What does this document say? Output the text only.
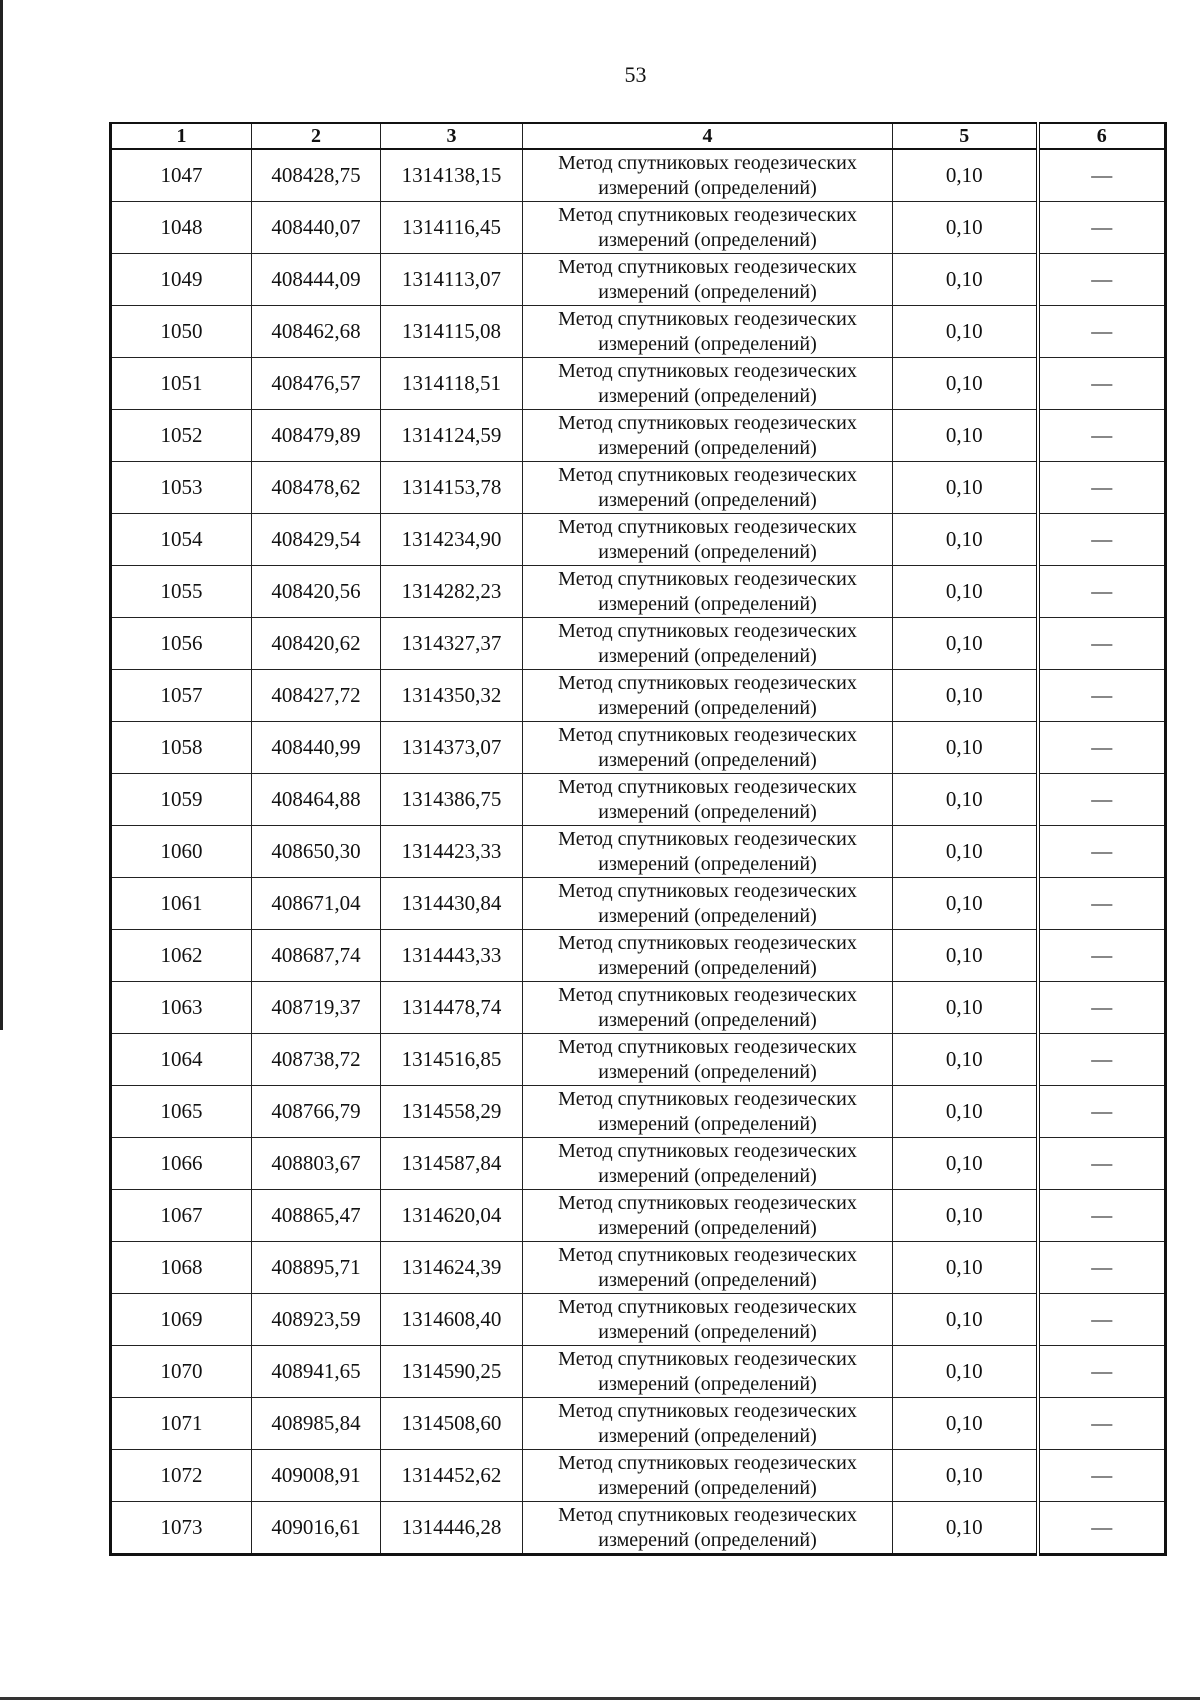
53
1	2	3	4	5	6
1047	408428,75	1314138,15	Метод спутниковых геодезических
измерений (определений)	0,10	—
1048	408440,07	1314116,45	Метод спутниковых геодезических
измерений (определений)	0,10	—
1049	408444,09	1314113,07	Метод спутниковых геодезических
измерений (определений)	0,10	—
1050	408462,68	1314115,08	Метод спутниковых геодезических
измерений (определений)	0,10	—
1051	408476,57	1314118,51	Метод спутниковых геодезических
измерений (определений)	0,10	—
1052	408479,89	1314124,59	Метод спутниковых геодезических
измерений (определений)	0,10	—
1053	408478,62	1314153,78	Метод спутниковых геодезических
измерений (определений)	0,10	—
1054	408429,54	1314234,90	Метод спутниковых геодезических
измерений (определений)	0,10	—
1055	408420,56	1314282,23	Метод спутниковых геодезических
измерений (определений)	0,10	—
1056	408420,62	1314327,37	Метод спутниковых геодезических
измерений (определений)	0,10	—
1057	408427,72	1314350,32	Метод спутниковых геодезических
измерений (определений)	0,10	—
1058	408440,99	1314373,07	Метод спутниковых геодезических
измерений (определений)	0,10	—
1059	408464,88	1314386,75	Метод спутниковых геодезических
измерений (определений)	0,10	—
1060	408650,30	1314423,33	Метод спутниковых геодезических
измерений (определений)	0,10	—
1061	408671,04	1314430,84	Метод спутниковых геодезических
измерений (определений)	0,10	—
1062	408687,74	1314443,33	Метод спутниковых геодезических
измерений (определений)	0,10	—
1063	408719,37	1314478,74	Метод спутниковых геодезических
измерений (определений)	0,10	—
1064	408738,72	1314516,85	Метод спутниковых геодезических
измерений (определений)	0,10	—
1065	408766,79	1314558,29	Метод спутниковых геодезических
измерений (определений)	0,10	—
1066	408803,67	1314587,84	Метод спутниковых геодезических
измерений (определений)	0,10	—
1067	408865,47	1314620,04	Метод спутниковых геодезических
измерений (определений)	0,10	—
1068	408895,71	1314624,39	Метод спутниковых геодезических
измерений (определений)	0,10	—
1069	408923,59	1314608,40	Метод спутниковых геодезических
измерений (определений)	0,10	—
1070	408941,65	1314590,25	Метод спутниковых геодезических
измерений (определений)	0,10	—
1071	408985,84	1314508,60	Метод спутниковых геодезических
измерений (определений)	0,10	—
1072	409008,91	1314452,62	Метод спутниковых геодезических
измерений (определений)	0,10	—
1073	409016,61	1314446,28	Метод спутниковых геодезических
измерений (определений)	0,10	—
